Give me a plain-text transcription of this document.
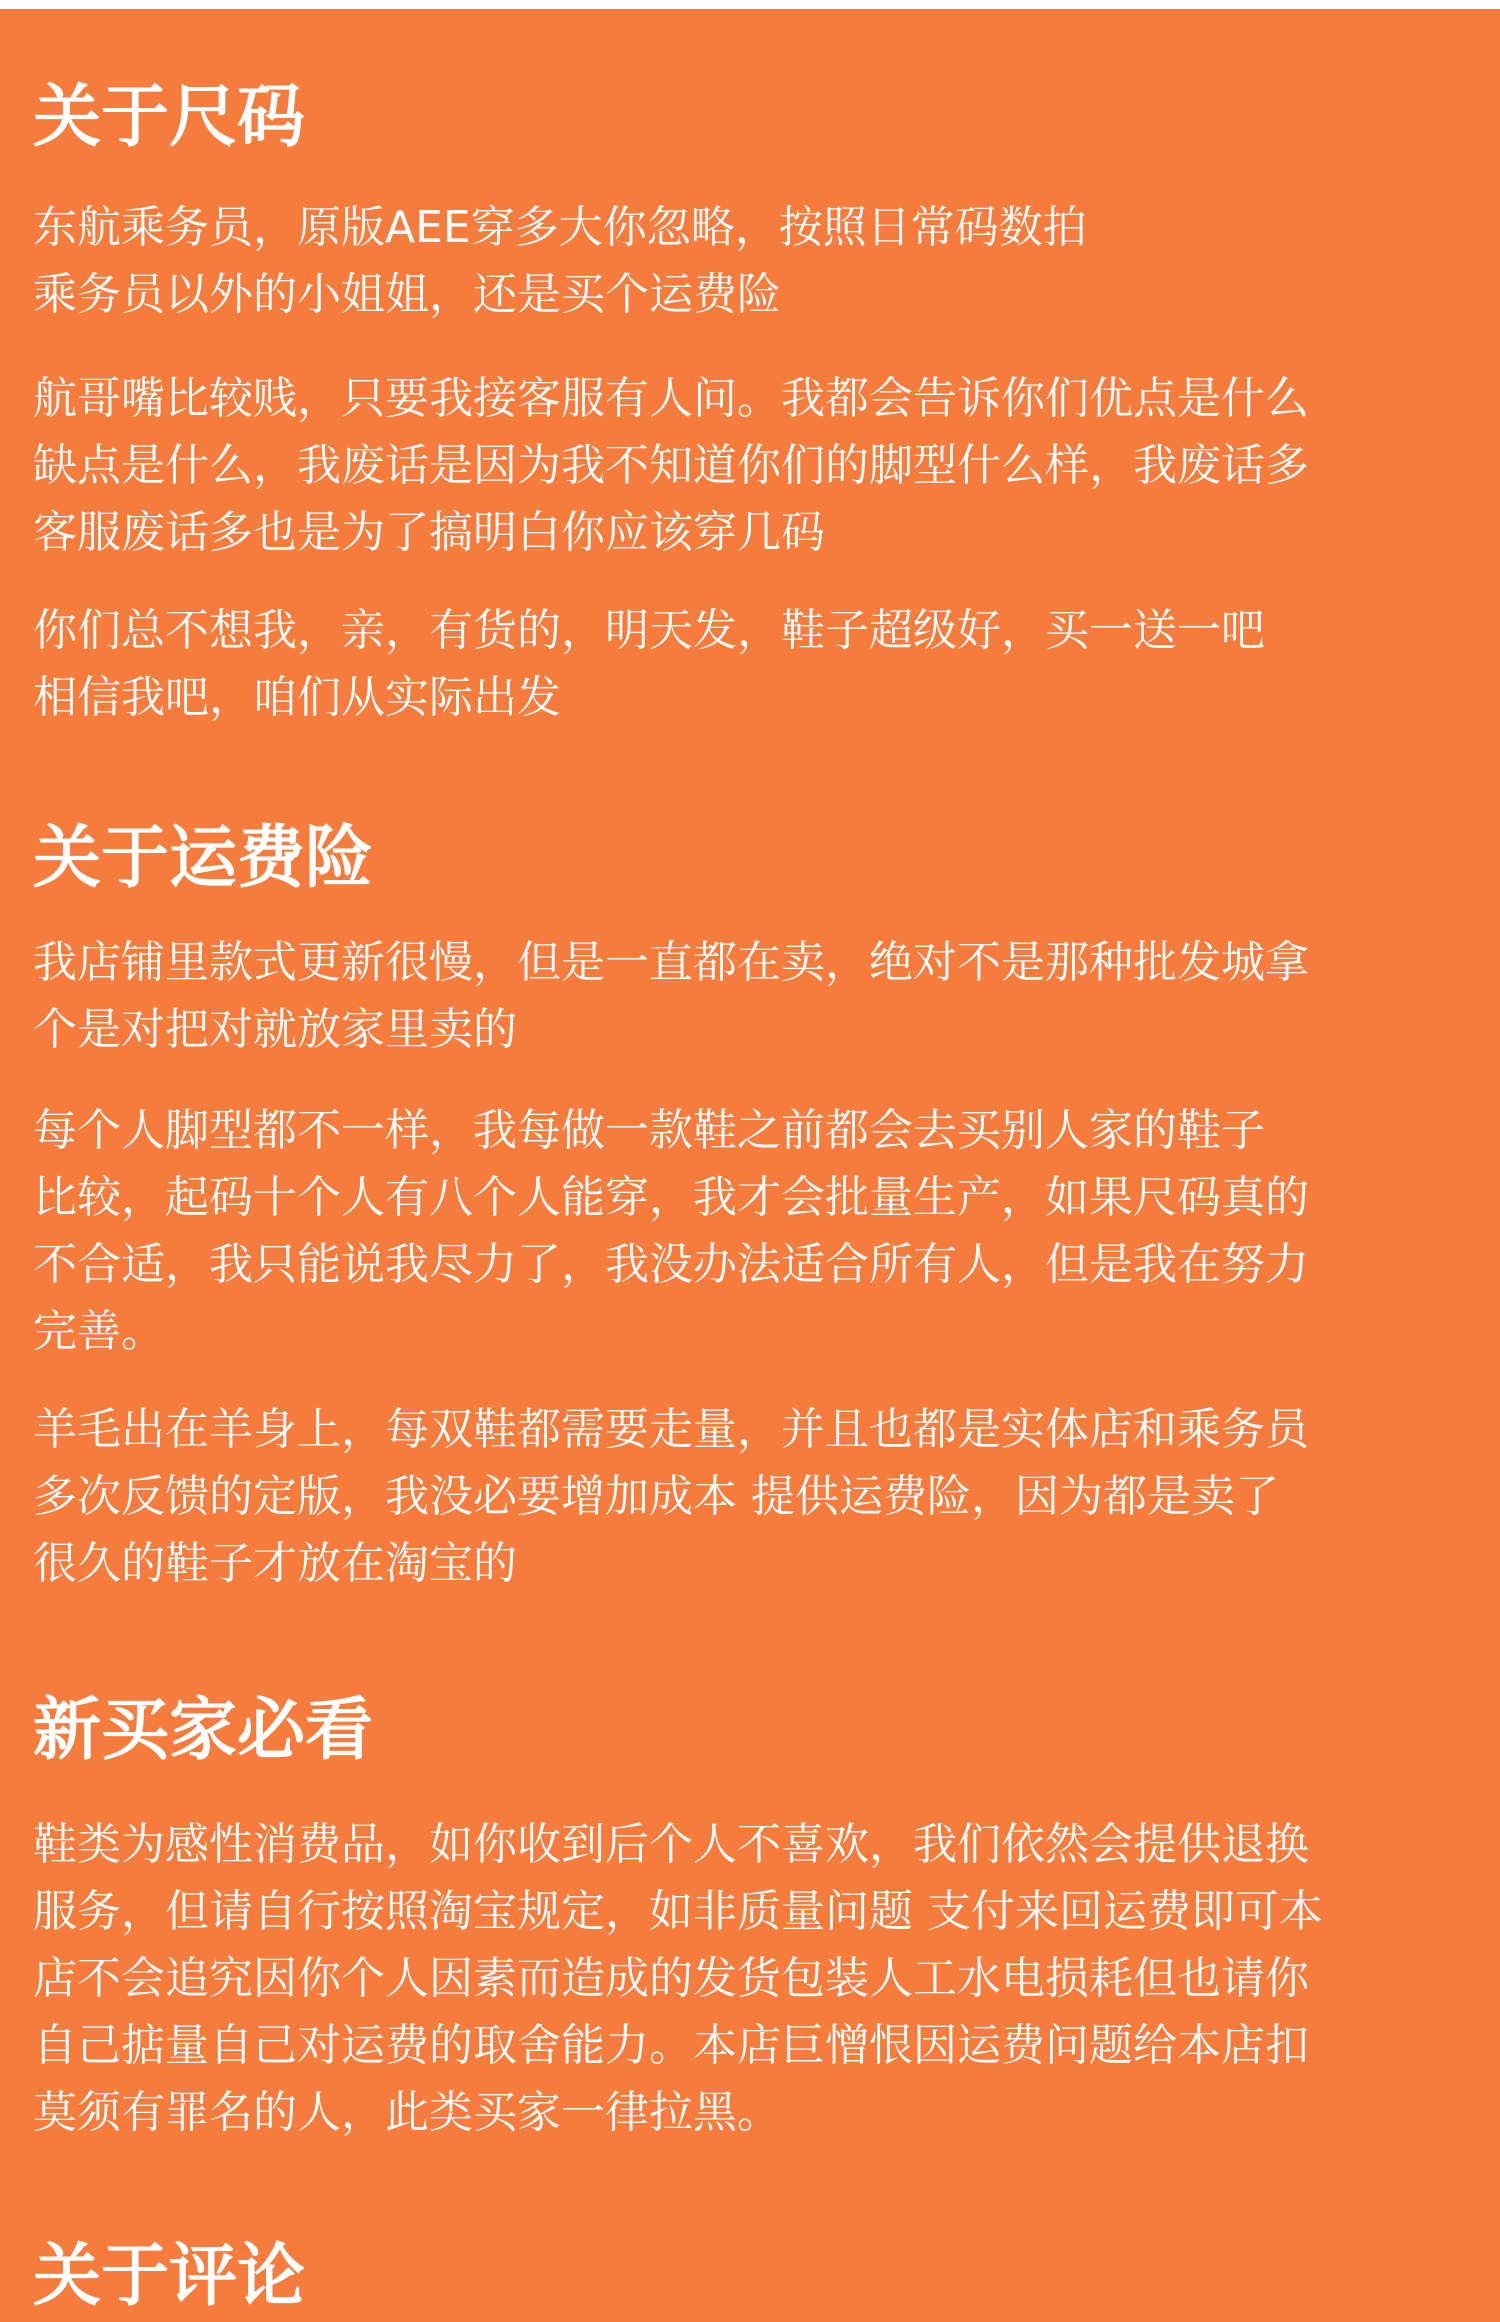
关于尺码

东航乘务员，原版AEE穿多大你忽略，按照日常码数拍
乘务员以外的小姐姐，还是买个运费险

航哥嘴比较贱，只要我接客服有人问。我都会告诉你们优点是什么
缺点是什么，我废话是因为我不知道你们的脚型什么样，我废话多
客服废话多也是为了搞明白你应该穿几码

你们总不想我，亲，有货的，明天发，鞋子超级好，买一送一吧
相信我吧，咱们从实际出发

关于运费险

我店铺里款式更新很慢，但是一直都在卖，绝对不是那种批发城拿
个是对把对就放家里卖的

每个人脚型都不一样，我每做一款鞋之前都会去买别人家的鞋子
比较，起码十个人有八个人能穿，我才会批量生产，如果尺码真的
不合适，我只能说我尽力了，我没办法适合所有人，但是我在努力
完善。

羊毛出在羊身上，每双鞋都需要走量，并且也都是实体店和乘务员
多次反馈的定版，我没必要增加成本 提供运费险，因为都是卖了
很久的鞋子才放在淘宝的

新买家必看

鞋类为感性消费品，如你收到后个人不喜欢，我们依然会提供退换
服务，但请自行按照淘宝规定，如非质量问题 支付来回运费即可本
店不会追究因你个人因素而造成的发货包装人工水电损耗但也请你
自己掂量自己对运费的取舍能力。本店巨憎恨因运费问题给本店扣
莫须有罪名的人，此类买家一律拉黑。

关于评论
